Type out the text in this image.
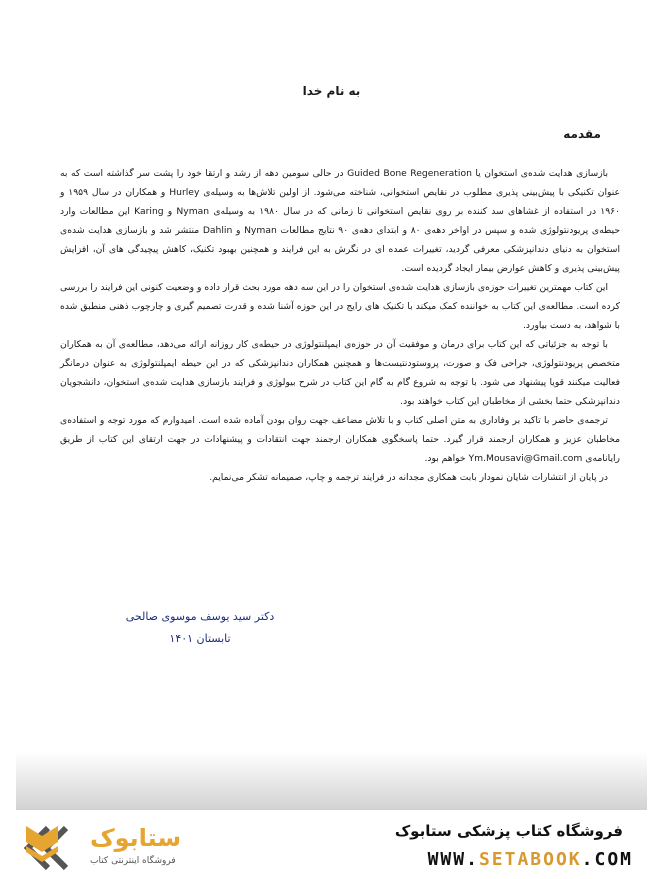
به نام خدا
مقدمه

بازسازی هدایت شده‌ی استخوان یا Guided Bone Regeneration در حالی سومین دهه از رشد و ارتقا خود را پشت سر گذاشته است که به عنوان تکنیکی با پیش‌بینی پذیری مطلوب در نقایص استخوانی، شناخته می‌شود. از اولین تلاش‌ها به وسیله‌ی Hurley و همکاران در سال ۱۹۵۹ و ۱۹۶۰ در استفاده از غشاهای سد کننده بر روی نقایص استخوانی تا زمانی که در سال ۱۹۸۰ به وسیله‌ی Nyman و Karing این مطالعات وارد حیطه‌ی پریودنتولوژی شده و سپس در اواخر دهه‌ی ۸۰ و ابتدای دهه‌ی ۹۰ نتایج مطالعات Nyman و Dahlin منتشر شد و بازسازی هدایت شده‌ی استخوان به دنیای دندانپزشکی معرفی گردید، تغییرات عمده ای در نگرش به این فرایند و همچنین بهبود تکنیک، کاهش پیچیدگی های آن، افزایش پیش‌بینی پذیری و کاهش عوارض بیمار ایجاد گردیده است.

این کتاب مهمترین تغییرات حوزه‌ی بازسازی هدایت شده‌ی استخوان را در این سه دهه مورد بحث قرار داده و وضعیت کنونی این فرایند را بررسی کرده است. مطالعه‌ی این کتاب به خواننده کمک میکند با تکنیک های رایج در این حوزه آشنا شده و قدرت تصمیم گیری و چارچوب ذهنی منطبق شده با شواهد، به دست بیاورد.

با توجه به جزئیاتی که این کتاب برای درمان و موفقیت آن در حوزه‌ی ایمپلنتولوژی در حیطه‌ی کار روزانه ارائه می‌دهد، مطالعه‌ی آن به همکاران متخصص پریودنتولوژی، جراحی فک و صورت، پروستودنتیست‌ها و همچنین همکاران دندانپزشکی که در این حیطه ایمپلنتولوژی به عنوان درمانگر فعالیت میکنند قویا پیشنهاد می شود. با توجه به شروع گام به گام این کتاب در شرح بیولوژی و فرایند بازسازی هدایت شده‌ی استخوان، دانشجویان دندانپزشکی حتما بخشی از مخاطبان این کتاب خواهند بود.

ترجمه‌ی حاضر با تاکید بر وفاداری به متن اصلی کتاب و با تلاش مضاعف جهت روان بودن آماده شده است. امیدوارم که مورد توجه و استفاده‌ی مخاطبان عزیز و همکاران ارجمند قرار گیرد. حتما پاسخگوی همکاران ارجمند جهت انتقادات و پیشنهادات در جهت ارتقای این کتاب از طریق رایانامه‌ی Ym.Mousavi@Gmail.com خواهم بود.

در پایان از انتشارات شایان نمودار بابت همکاری مجدانه در فرایند ترجمه و چاپ، صمیمانه تشکر می‌نمایم.

دکتر سید یوسف موسوی صالحی
تابستان ۱۴۰۱
ستابوک
فروشگاه اینترنتی کتاب
فروشگاه کتاب پزشکی ستابوک
WWW.SETABOOK.COM
